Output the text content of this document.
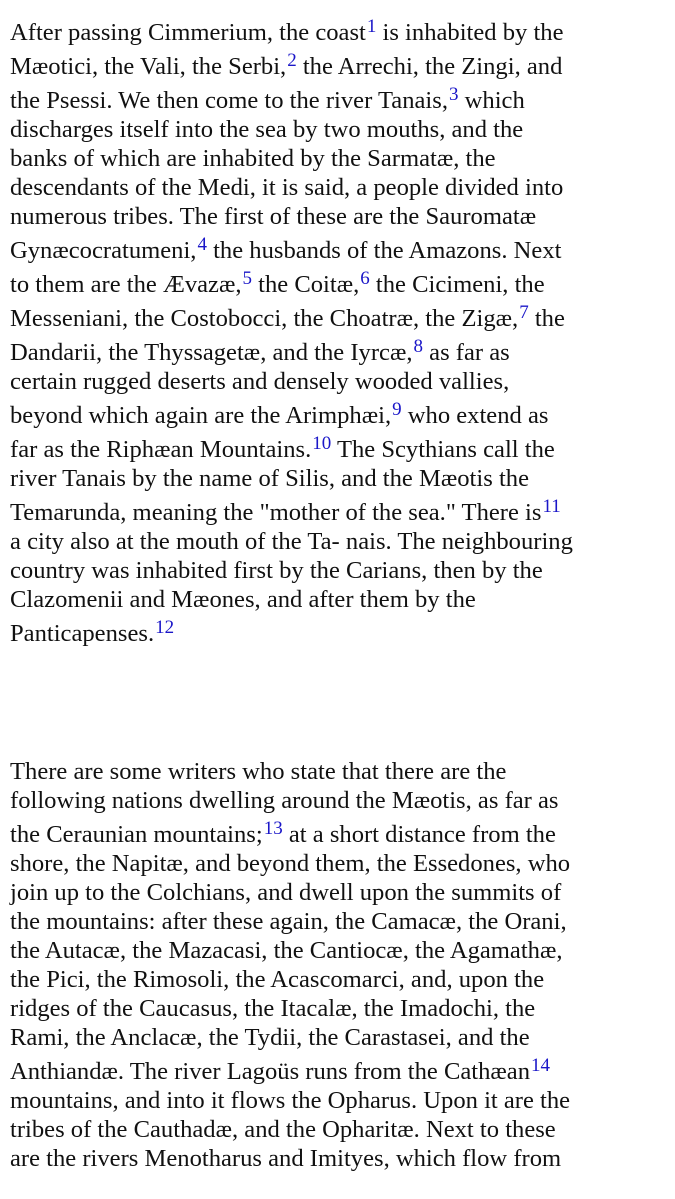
After passing Cimmerium, the coast$^1$ is inhabited by the
Mæotici, the Vali, the Serbi,$^2$ the Arrechi, the Zingi, and
the Psessi. We then come to the river Tanais,$^3$ which
discharges itself into the sea by two mouths, and the
banks of which are inhabited by the Sarmatæ, the
descendants of the Medi, it is said, a people divided into
numerous tribes. The first of these are the Sauromatæ
Gynæcocratumeni,$^4$ the husbands of the Amazons. Next
to them are the Ævazæ,$^5$ the Coitæ,$^6$ the Cicimeni, the
Messeniani, the Costobocci, the Choatræ, the Zigæ,$^7$ the
Dandarii, the Thyssagetæ, and the Iyrcæ,$^8$ as far as
certain rugged deserts and densely wooded vallies,
beyond which again are the Arimphæi,$^9$ who extend as
far as the Riphæan Mountains.$^{10}$ The Scythians call the
river Tanais by the name of Silis, and the Mæotis the
Temarunda, meaning the "mother of the sea." There is$^{11}$
a city also at the mouth of the Ta- nais. The neighbouring
country was inhabited first by the Carians, then by the
Clazomenii and Mæones, and after them by the
Panticapenses.$^{12}$
There are some writers who state that there are the
following nations dwelling around the Mæotis, as far as
the Ceraunian mountains;$^{13}$ at a short distance from the
shore, the Napitæ, and beyond them, the Essedones, who
join up to the Colchians, and dwell upon the summits of
the mountains: after these again, the Camacæ, the Orani,
the Autacæ, the Mazacasi, the Cantiocæ, the Agamathæ,
the Pici, the Rimosoli, the Acascomarci, and, upon the
ridges of the Caucasus, the Itacalæ, the Imadochi, the
Rami, the Anclacæ, the Tydii, the Carastasei, and the
Anthiandæ. The river Lagoüs runs from the Cathæan$^{14}$
mountains, and into it flows the Opharus. Upon it are the
tribes of the Cauthadæ, and the Opharitæ. Next to these
are the rivers Menotharus and Imityes, which flow from
